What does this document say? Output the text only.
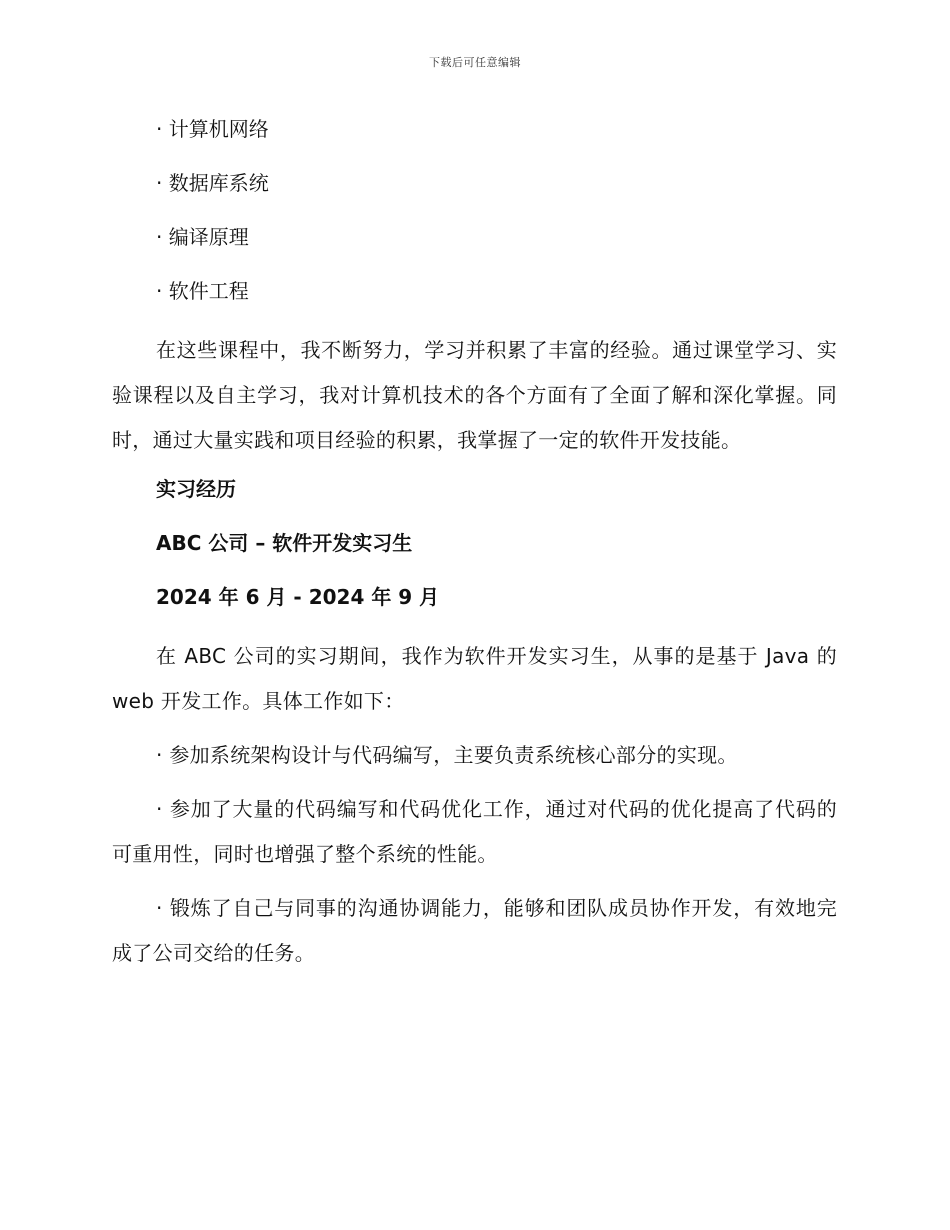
下载后可任意编辑
· 计算机网络
· 数据库系统
· 编译原理
· 软件工程

在这些课程中，我不断努力，学习并积累了丰富的经验。通过课堂学习、实验课程以及自主学习，我对计算机技术的各个方面有了全面了解和深化掌握。同时，通过大量实践和项目经验的积累，我掌握了一定的软件开发技能。

实习经历
ABC 公司 – 软件开发实习生
2024 年 6 月 - 2024 年 9 月

在 ABC 公司的实习期间，我作为软件开发实习生，从事的是基于 Java 的 web 开发工作。具体工作如下：

· 参加系统架构设计与代码编写，主要负责系统核心部分的实现。

· 参加了大量的代码编写和代码优化工作，通过对代码的优化提高了代码的可重用性，同时也增强了整个系统的性能。

· 锻炼了自己与同事的沟通协调能力，能够和团队成员协作开发，有效地完成了公司交给的任务。
